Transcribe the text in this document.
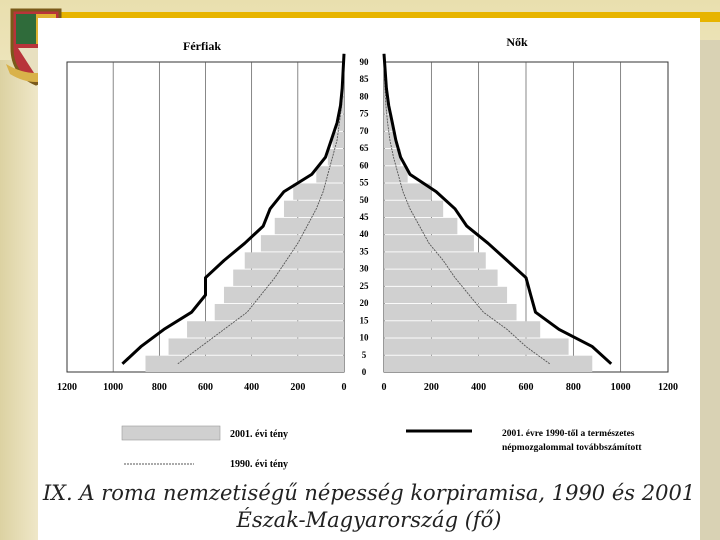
0
5
10
15
20
25
30
35
40
45
50
55
60
65
70
75
80
85
90
1200	1000	800	600	400	200	0	0	200	400	600	800	1000	1200
Férfiak	Nők
2001. évi tény
1990. évi tény
2001. évre 1990-től a természetes népmozgalommal továbbszámított
IX. A roma nemzetiségű népesség korpiramisa, 1990 és 2001
Észak-Magyarország (fő)
